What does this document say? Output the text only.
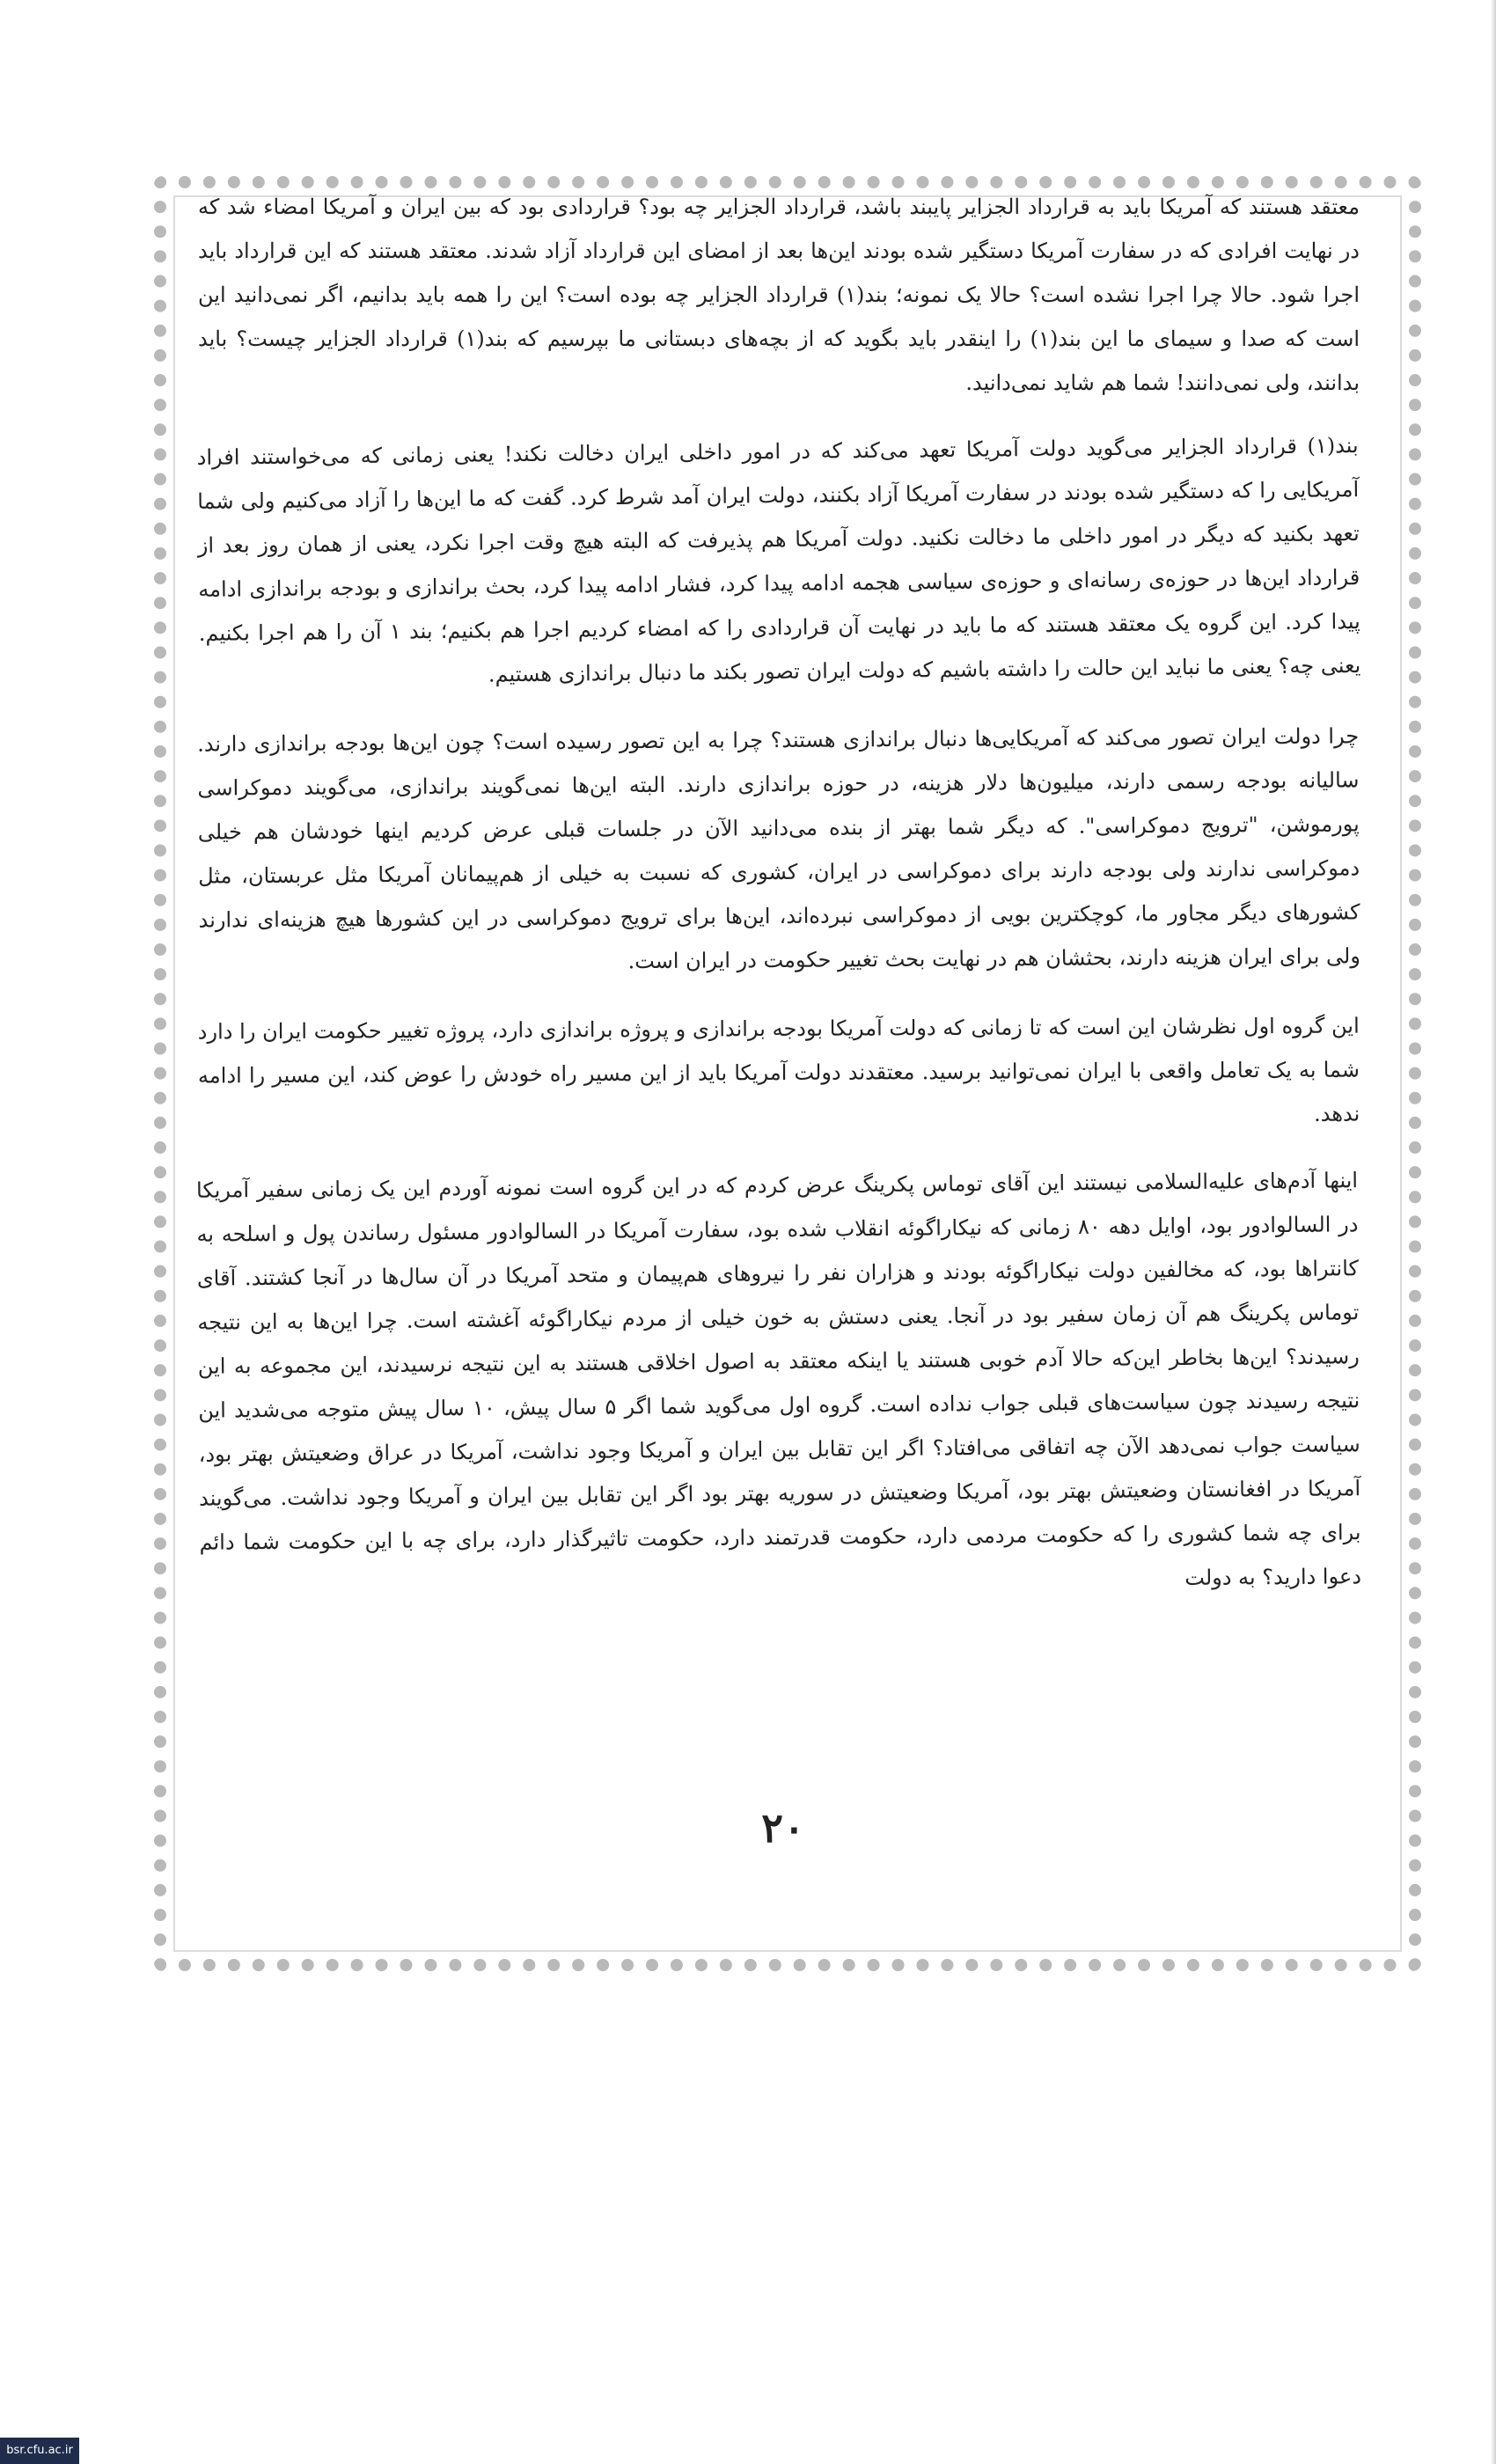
معتقد هستند که آمریکا باید به قرارداد الجزایر پایبند باشد، قرارداد الجزایر چه بود؟ قراردادی بود که بین ایران و آمریکا امضاء شد که در نهایت افرادی که در سفارت آمریکا دستگیر شده بودند این‌ها بعد از امضای این قرارداد آزاد شدند. معتقد هستند که این قرارداد باید اجرا شود. حالا چرا اجرا نشده است؟ حالا یک نمونه؛ بند(۱) قرارداد الجزایر چه بوده است؟ این را همه باید بدانیم، اگر نمی‌دانید این است که صدا و سیمای ما این بند(۱) را اینقدر باید بگوید که از بچه‌های دبستانی ما بپرسیم که بند(۱) قرارداد الجزایر چیست؟ باید بدانند، ولی نمی‌دانند! شما هم شاید نمی‌دانید.

بند(۱) قرارداد الجزایر می‌گوید دولت آمریکا تعهد می‌کند که در امور داخلی ایران دخالت نکند! یعنی زمانی که می‌خواستند افراد آمریکایی را که دستگیر شده بودند در سفارت آمریکا آزاد بکنند، دولت ایران آمد شرط کرد. گفت که ما این‌ها را آزاد می‌کنیم ولی شما تعهد بکنید که دیگر در امور داخلی ما دخالت نکنید. دولت آمریکا هم پذیرفت که البته هیچ وقت اجرا نکرد، یعنی از همان روز بعد از قرارداد این‌ها در حوزه‌ی رسانه‌ای و حوزه‌ی سیاسی هجمه ادامه پیدا کرد، فشار ادامه پیدا کرد، بحث براندازی و بودجه براندازی ادامه پیدا کرد. این گروه یک معتقد هستند که ما باید در نهایت آن قراردادی را که امضاء کردیم اجرا هم بکنیم؛ بند ۱ آن را هم اجرا بکنیم. یعنی چه؟ یعنی ما نباید این حالت را داشته باشیم که دولت ایران تصور بکند ما دنبال براندازی هستیم.

چرا دولت ایران تصور می‌کند که آمریکایی‌ها دنبال براندازی هستند؟ چرا به این تصور رسیده است؟ چون این‌ها بودجه براندازی دارند. سالیانه بودجه رسمی دارند، میلیون‌ها دلار هزینه، در حوزه براندازی دارند. البته این‌ها نمی‌گویند براندازی، می‌گویند دموکراسی پورموشن، "ترویج دموکراسی". که دیگر شما بهتر از بنده می‌دانید الآن در جلسات قبلی عرض کردیم اینها خودشان هم خیلی دموکراسی ندارند ولی بودجه دارند برای دموکراسی در ایران، کشوری که نسبت به خیلی از هم‌پیمانان آمریکا مثل عربستان، مثل کشورهای دیگر مجاور ما، کوچکترین بویی از دموکراسی نبرده‌اند، این‌ها برای ترویج دموکراسی در این کشورها هیچ هزینه‌ای ندارند ولی برای ایران هزینه دارند، بحثشان هم در نهایت بحث تغییر حکومت در ایران است.

این گروه اول نظرشان این است که تا زمانی که دولت آمریکا بودجه براندازی و پروژه براندازی دارد، پروژه تغییر حکومت ایران را دارد شما به یک تعامل واقعی با ایران نمی‌توانید برسید. معتقدند دولت آمریکا باید از این مسیر راه خودش را عوض کند، این مسیر را ادامه ندهد.

اینها آدم‌های علیه‌السلامی نیستند این آقای توماس پکرینگ عرض کردم که در این گروه است نمونه آوردم این یک زمانی سفیر آمریکا در السالوادور بود، اوایل دهه ۸۰ زمانی که نیکاراگوئه انقلاب شده بود، سفارت آمریکا در السالوادور مسئول رساندن پول و اسلحه به کانترا‌ها بود، که مخالفین دولت نیکاراگوئه بودند و هزاران نفر را نیروهای هم‌پیمان و متحد آمریکا در آن سال‌ها در آنجا کشتند. آقای توماس پکرینگ هم آن زمان سفیر بود در آنجا. یعنی دستش به خون خیلی از مردم نیکاراگوئه آغشته است. چرا این‌ها به این نتیجه رسیدند؟ این‌ها بخاطر این‌که حالا آدم خوبی هستند یا اینکه معتقد به اصول اخلاقی هستند به این نتیجه نرسیدند، این مجموعه به این نتیجه رسیدند چون سیاست‌های قبلی جواب نداده است. گروه اول می‌گوید شما اگر ۵ سال پیش، ۱۰ سال پیش متوجه می‌شدید این سیاست جواب نمی‌دهد الآن چه اتفاقی می‌افتاد؟ اگر این تقابل بین ایران و آمریکا وجود نداشت، آمریکا در عراق وضعیتش بهتر بود، آمریکا در افغانستان وضعیتش بهتر بود، آمریکا وضعیتش در سوریه بهتر بود اگر این تقابل بین ایران و آمریکا وجود نداشت. می‌گویند برای چه شما کشوری را که حکومت مردمی دارد، حکومت قدرتمند دارد، حکومت تاثیرگذار دارد، برای چه با این حکومت شما دائم دعوا دارید؟ به دولت

۲۰
bsr.cfu.ac.ir
